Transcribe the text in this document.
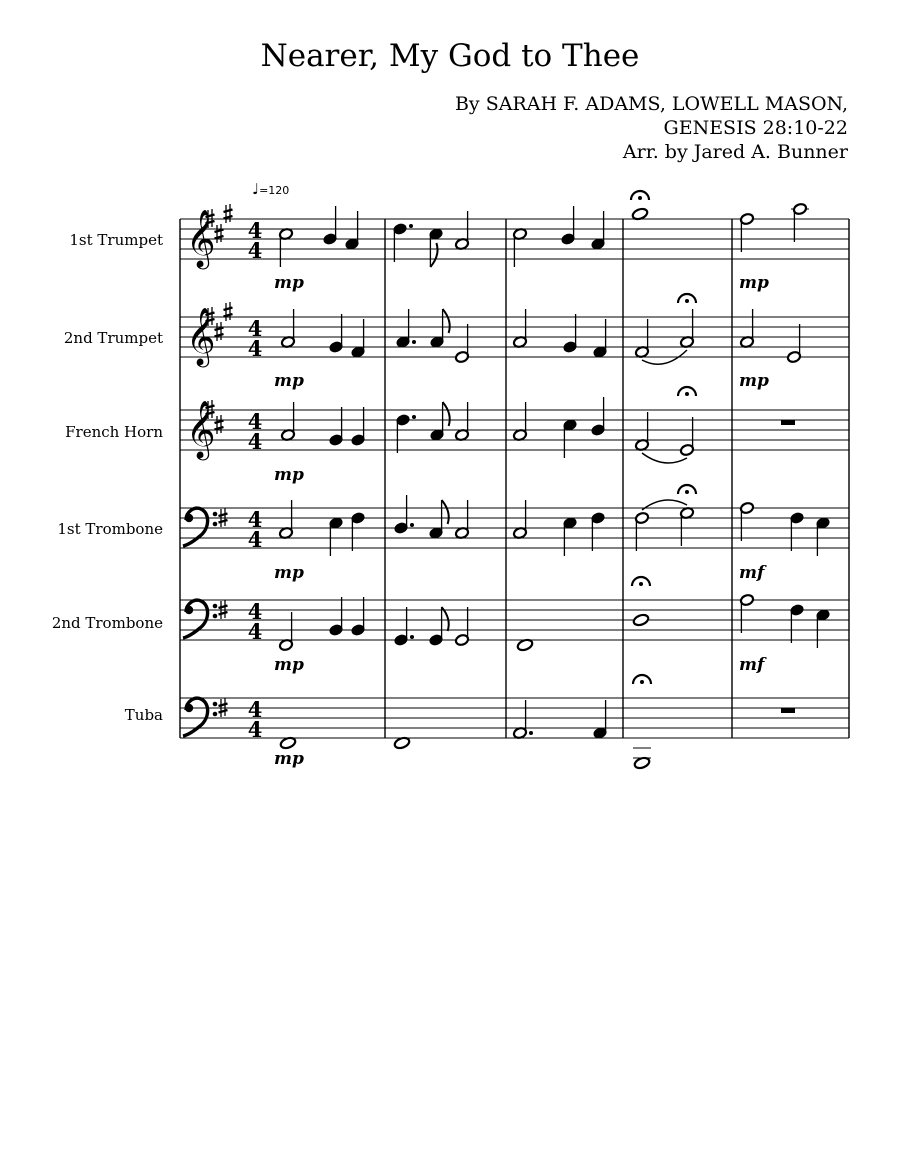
Nearer, My God to Thee
By SARAH F. ADAMS, LOWELL MASON,
GENESIS 28:10-22
Arr. by Jared A. Bunner
♩=120
1st Trumpet
2nd Trumpet
French Horn
1st Trombone
2nd Trombone
Tuba
𝄞 4
4
𝄞 4
4
𝄞 4
4
4
4
4
4
4
4
mp	mp
mp	mp
mp
mp	mf
mp	mf
mp
